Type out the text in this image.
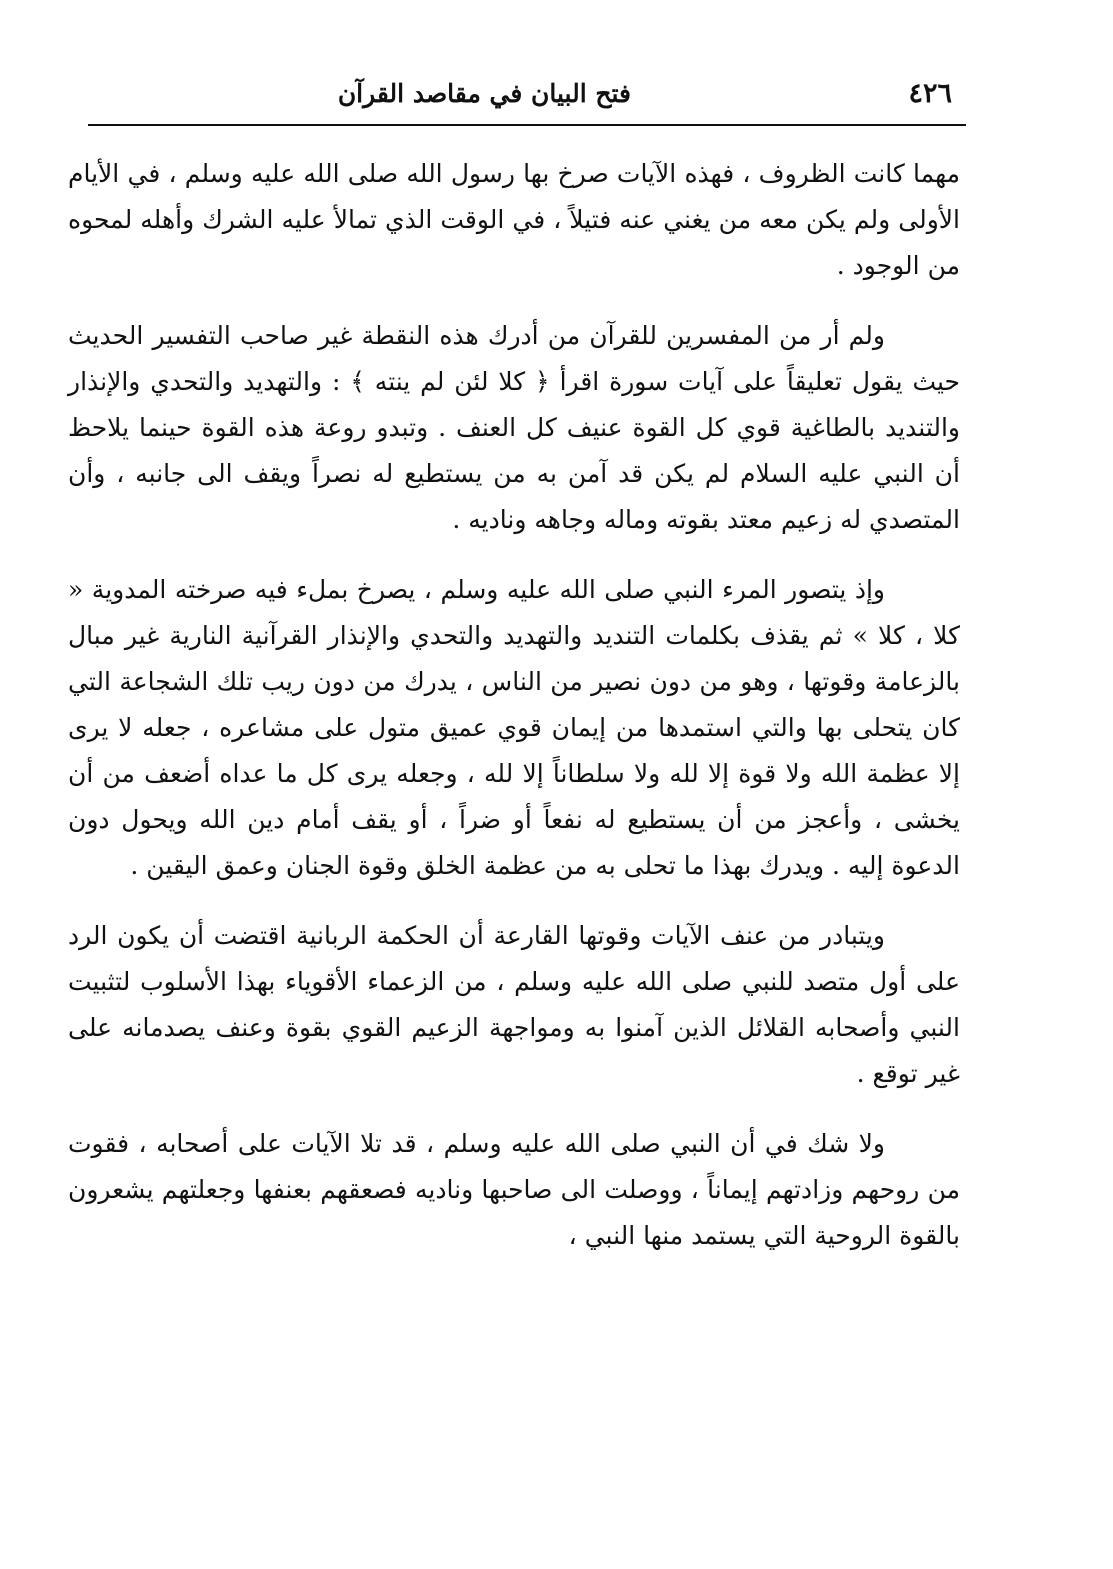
٤٢٦
فتح البيان في مقاصد القرآن

مهما كانت الظروف ، فهذه الآيات صرخ بها رسول الله صلى الله عليه وسلم ، في الأيام الأولى ولم يكن معه من يغني عنه فتيلاً ، في الوقت الذي تمالأ عليه الشرك وأهله لمحوه من الوجود .

ولم أر من المفسرين للقرآن من أدرك هذه النقطة غير صاحب التفسير الحديث حيث يقول تعليقاً على آيات سورة اقرأ ﴿ كلا لئن لم ينته ﴾ : والتهديد والتحدي والإنذار والتنديد بالطاغية قوي كل القوة عنيف كل العنف . وتبدو روعة هذه القوة حينما يلاحظ أن النبي عليه السلام لم يكن قد آمن به من يستطيع له نصراً ويقف الى جانبه ، وأن المتصدي له زعيم معتد بقوته وماله وجاهه وناديه .

وإذ يتصور المرء النبي صلى الله عليه وسلم ، يصرخ بملء فيه صرخته المدوية « كلا ، كلا » ثم يقذف بكلمات التنديد والتهديد والتحدي والإنذار القرآنية النارية غير مبال بالزعامة وقوتها ، وهو من دون نصير من الناس ، يدرك من دون ريب تلك الشجاعة التي كان يتحلى بها والتي استمدها من إيمان قوي عميق متول على مشاعره ، جعله لا يرى إلا عظمة الله ولا قوة إلا لله ولا سلطاناً إلا لله ، وجعله يرى كل ما عداه أضعف من أن يخشى ، وأعجز من أن يستطيع له نفعاً أو ضراً ، أو يقف أمام دين الله ويحول دون الدعوة إليه . ويدرك بهذا ما تحلى به من عظمة الخلق وقوة الجنان وعمق اليقين .

ويتبادر من عنف الآيات وقوتها القارعة أن الحكمة الربانية اقتضت أن يكون الرد على أول متصد للنبي صلى الله عليه وسلم ، من الزعماء الأقوياء بهذا الأسلوب لتثبيت النبي وأصحابه القلائل الذين آمنوا به ومواجهة الزعيم القوي بقوة وعنف يصدمانه على غير توقع .

ولا شك في أن النبي صلى الله عليه وسلم ، قد تلا الآيات على أصحابه ، فقوت من روحهم وزادتهم إيماناً ، ووصلت الى صاحبها وناديه فصعقهم بعنفها وجعلتهم يشعرون بالقوة الروحية التي يستمد منها النبي ،
